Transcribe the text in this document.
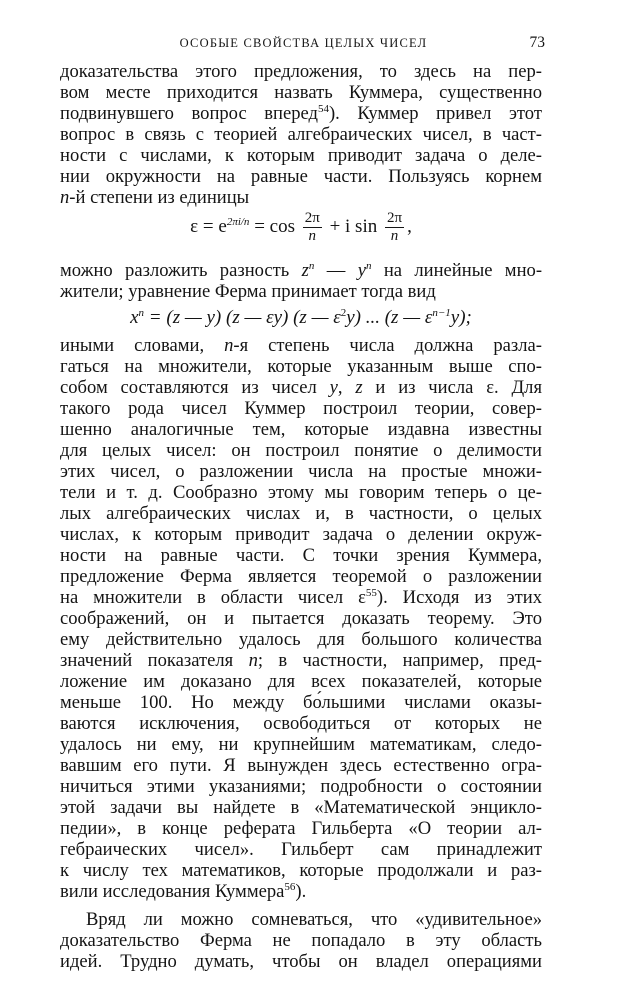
ОСОБЫЕ СВОЙСТВА ЦЕЛЫХ ЧИСЕЛ	73
доказательства этого предложения, то здесь на пер-
вом месте приходится назвать Куммера, существенно
подвинувшего вопрос вперед$^{54}$). Куммер привел этот
вопрос в связь с теорией алгебраических чисел, в част-
ности с числами, к которым приводит задача о деле-
нии окружности на равные части. Пользуясь корнем
n-й степени из единицы
$\varepsilon = e^{2\pi i/n} = \cos \frac{2\pi}{n} + i$ $\sin \frac{2\pi}{n}$ ,
можно разложить разность $z^n$ — $y^n$ на линейные мно-
жители; уравнение Ферма принимает тогда вид
$x^n = (z$ — y) (z — εy) (z — $\varepsilon^2y$) ... (z — $\varepsilon^{n-1}y$);
иными словами, n-я степень числа должна разла-
гаться на множители, которые указанным выше спо-
собом составляются из чисел y, z и из числа ε. Для
такого рода чисел Куммер построил теории, совер-
шенно аналогичные тем, которые издавна известны
для целых чисел: он построил понятие о делимости
этих чисел, о разложении числа на простые множи-
тели и т. д. Сообразно этому мы говорим теперь о це-
лых алгебраических числах и, в частности, о целых
числах, к которым приводит задача о делении окруж-
ности на равные части. С точки зрения Куммера,
предложение Ферма является теоремой о разложении
на множители в области чисел $\varepsilon^{55}$). Исходя из этих
соображений, он и пытается доказать теорему. Это
ему действительно удалось для большого количества
значений показателя n; в частности, например, пред-
ложение им доказано для всех показателей, которые
меньше 100. Но между бо́льшими числами оказы-
ваются исключения, освободиться от которых не
удалось ни ему, ни крупнейшим математикам, следо-
вавшим его пути. Я вынужден здесь естественно огра-
ничиться этими указаниями; подробности о состоянии
этой задачи вы найдете в «Математической энцикло-
педии», в конце реферата Гильберта «О теории ал-
гебраических чисел». Гильберт сам принадлежит
к числу тех математиков, которые продолжали и раз-
вили исследования Куммера$^{56}$).
Вряд ли можно сомневаться, что «удивительное»
доказательство Ферма не попадало в эту область
идей. Трудно думать, чтобы он владел операциями
